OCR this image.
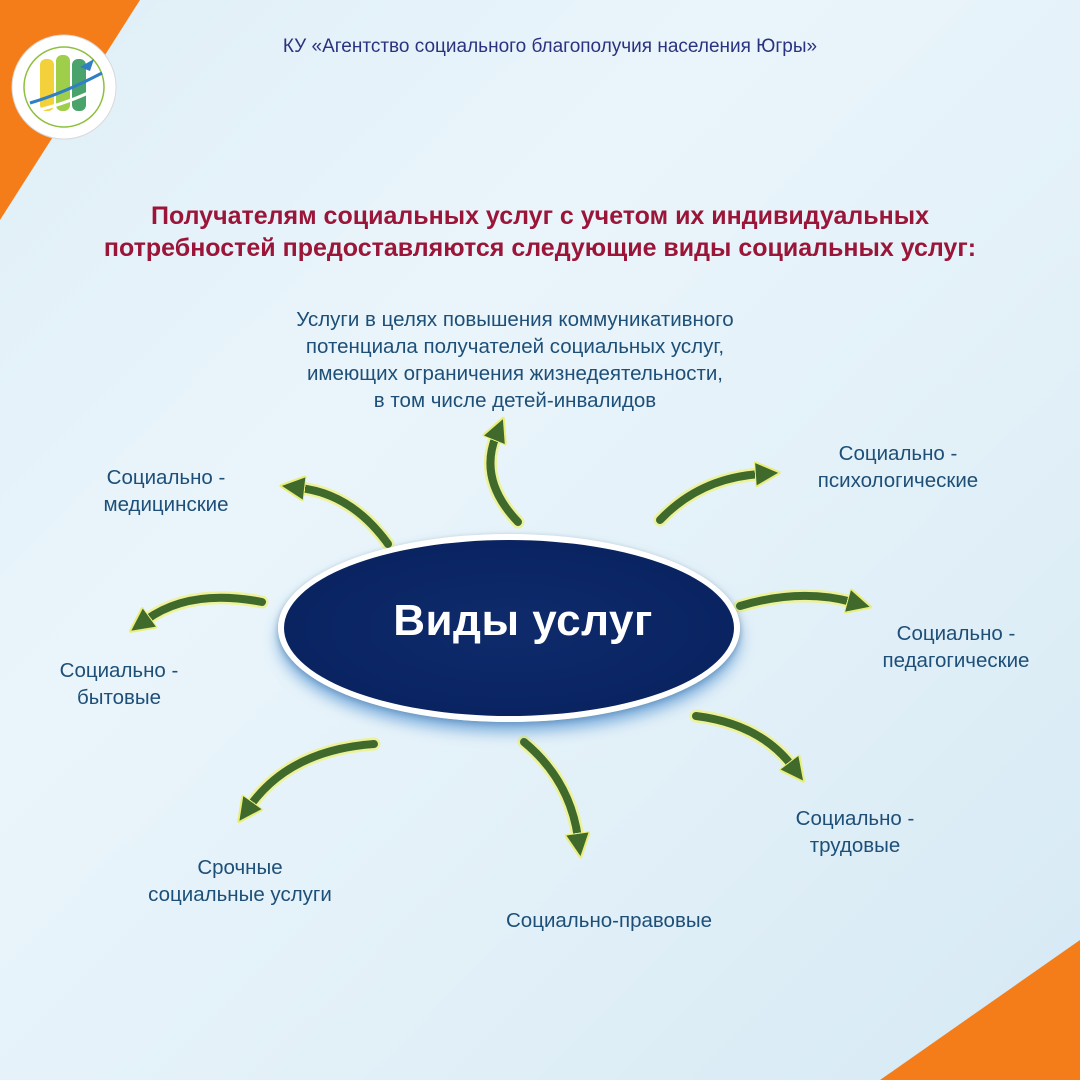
КУ «Агентство социального благополучия населения Югры»
Получателям социальных услуг с учетом их индивидуальных
потребностей предоставляются следующие виды социальных услуг:
Виды услуг
Услуги в целях повышения коммуникативного
потенциала получателей социальных услуг,
имеющих ограничения жизнедеятельности,
в том числе детей-инвалидов
Социально -
психологические
Социально -
педагогические
Социально -
трудовые
Социально-правовые
Срочные
социальные услуги
Социально -
бытовые
Социально -
медицинские
